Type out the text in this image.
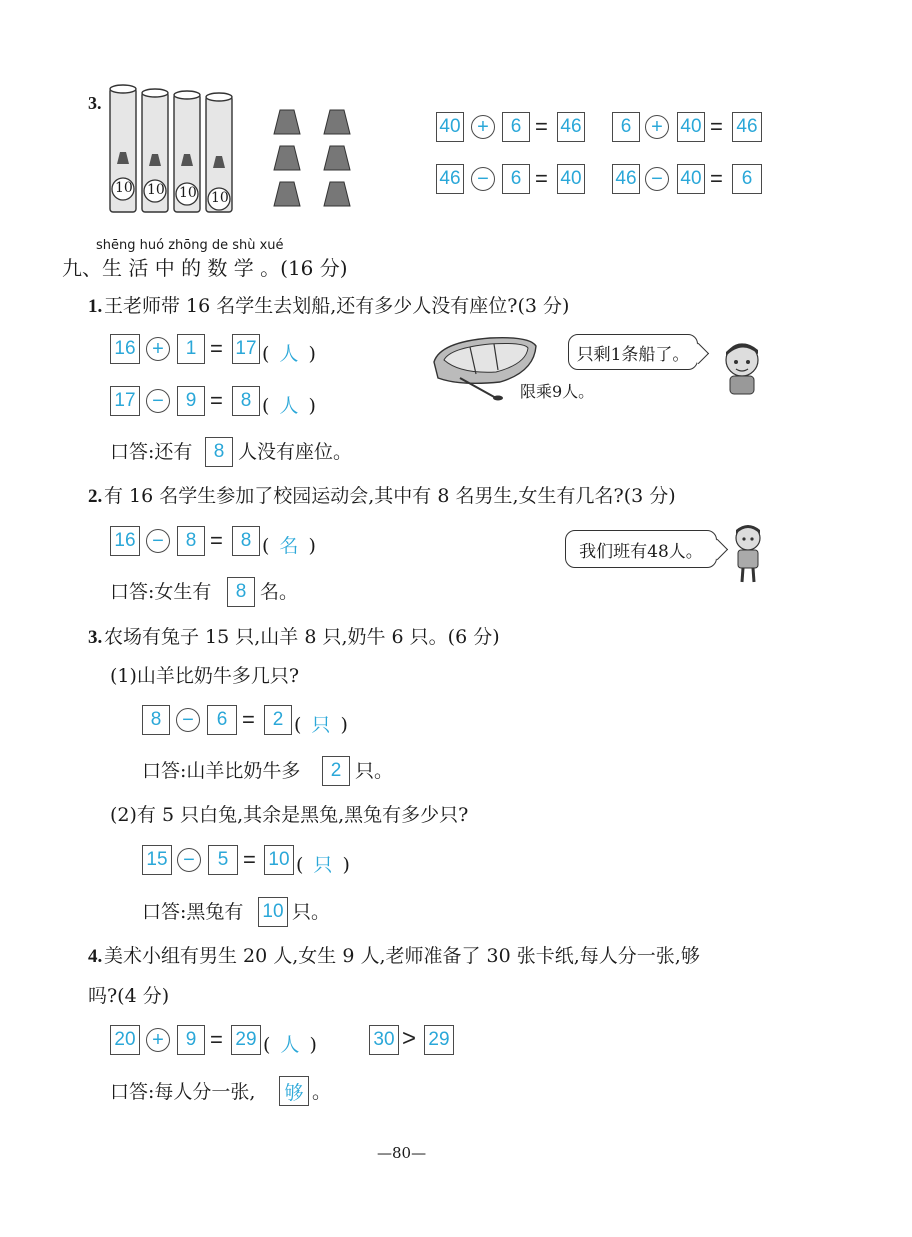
3.
10 10 10 10
40 +	6 = 46	6 + 40 = 46
46 −	6 = 40 46 − 40 = 6
shēng huó zhōng de shù xué
九、生 活 中 的 数 学 。(16 分)
1. 王老师带 16 名学生去划船,还有多少人没有座位?(3 分)
16 +	1 = 17 ( 人 )
17 −	9 = 8 ( 人 )
限乘9人。
只剩1条船了。
口答:还有	8 人没有座位。
2. 有 16 名学生参加了校园运动会,其中有 8 名男生,女生有几名?(3 分)
16 −	8 = 8 ( 名 )	我们班有48人。
口答:女生有	8 名。
3. 农场有兔子 15 只,山羊 8 只,奶牛 6 只。(6 分)
(1)山羊比奶牛多几只?
8	−	6 = 2 ( 只 )
口答:山羊比奶牛多	2 只。
(2)有 5 只白兔,其余是黑兔,黑兔有多少只?
15 −	5 = 10 ( 只 )
口答:黑兔有 10 只。
4. 美术小组有男生 20 人,女生 9 人,老师准备了 30 张卡纸,每人分一张,够
吗?(4 分)
20 +	9 = 29 ( 人 )	30 > 29
口答:每人分一张, 够 。
—80—
